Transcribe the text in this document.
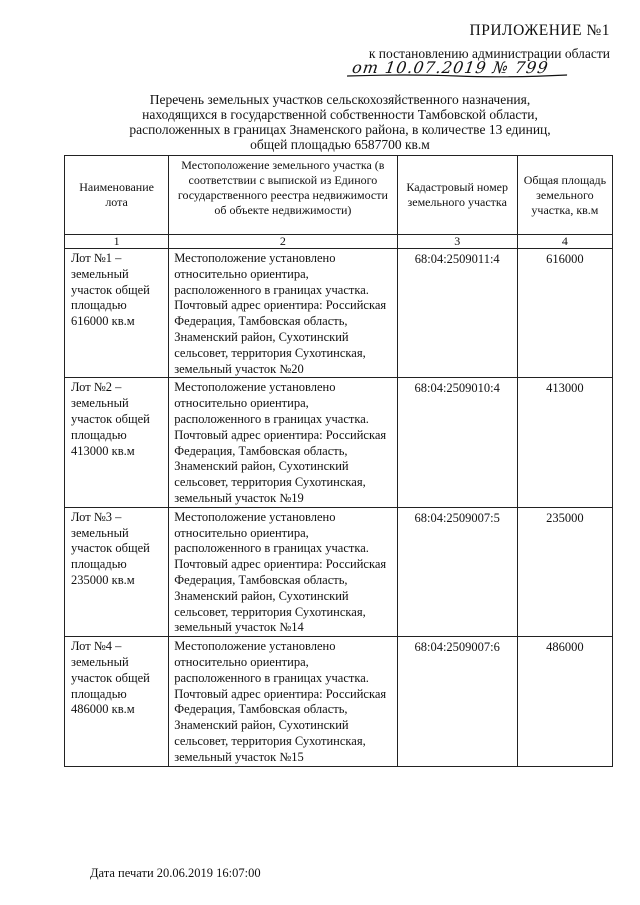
ПРИЛОЖЕНИЕ №1
к постановлению администрации области
от 10.07.2019 № 799
Перечень земельных участков сельскохозяйственного назначения,
находящихся в государственной собственности Тамбовской области,
расположенных в границах Знаменского района, в количестве 13 единиц,
общей площадью 6587700 кв.м
Наименование лота	Местоположение земельного участка (в соответствии с выпиской из Единого государственного реестра недвижимости об объекте недвижимости)	Кадастровый номер земельного участка	Общая площадь земельного участка, кв.м
1	2	3	4

Лот №1 – земельный участок общей площадью 616000 кв.м	Местоположение установлено относительно ориентира, расположенного в границах участка. Почтовый адрес ориентира: Российская Федерация, Тамбовская область, Знаменский район, Сухотинский сельсовет, территория Сухотинская, земельный участок №20	68:04:2509011:4	616000

Лот №2 – земельный участок общей площадью 413000 кв.м	Местоположение установлено относительно ориентира, расположенного в границах участка. Почтовый адрес ориентира: Российская Федерация, Тамбовская область, Знаменский район, Сухотинский сельсовет, территория Сухотинская, земельный участок №19	68:04:2509010:4	413000

Лот №3 – земельный участок общей площадью 235000 кв.м	Местоположение установлено относительно ориентира, расположенного в границах участка. Почтовый адрес ориентира: Российская Федерация, Тамбовская область, Знаменский район, Сухотинский сельсовет, территория Сухотинская, земельный участок №14	68:04:2509007:5	235000

Лот №4 – земельный участок общей площадью 486000 кв.м	Местоположение установлено относительно ориентира, расположенного в границах участка. Почтовый адрес ориентира: Российская Федерация, Тамбовская область, Знаменский район, Сухотинский сельсовет, территория Сухотинская, земельный участок №15	68:04:2509007:6	486000
Дата печати 20.06.2019 16:07:00
